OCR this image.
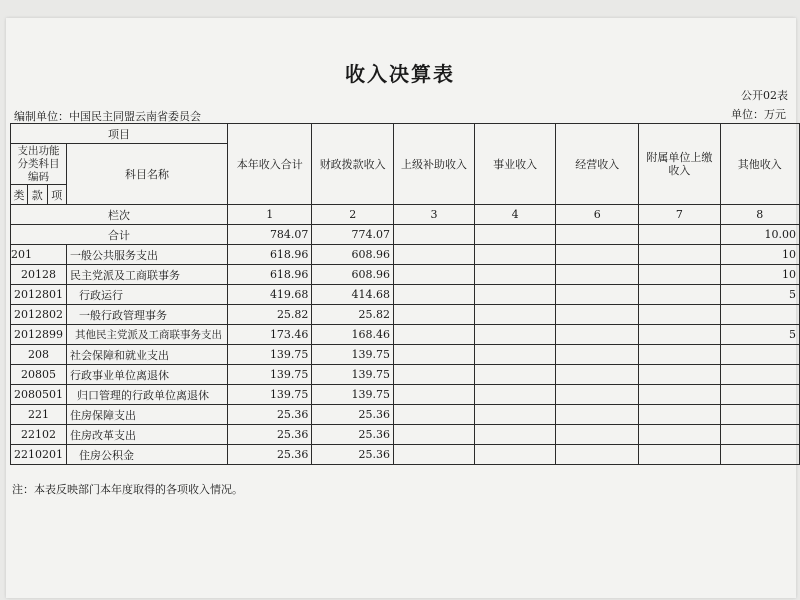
收入决算表
公开02表
编制单位：中国民主同盟云南省委员会	单位：万元
项目				本年收入合计	财政拨款收入	上级补助收入	事业收入	经营收入	附属单位上缴收入	其他收入
支出功能分类科目编码			科目名称							
类	款	项								
栏次				1	2	3	4	6	7	8
合计				784.07	774.07					10.00
201			一般公共服务支出	618.96	608.96					10
20128			民主党派及工商联事务	618.96	608.96					10
2012801			行政运行	419.68	414.68					5
2012802			一般行政管理事务	25.82	25.82					
2012899			其他民主党派及工商联事务支出	173.46	168.46					5
208			社会保障和就业支出	139.75	139.75					
20805			行政事业单位离退休	139.75	139.75					
2080501			归口管理的行政单位离退休	139.75	139.75					
221			住房保障支出	25.36	25.36					
22102			住房改革支出	25.36	25.36					
2210201			住房公积金	25.36	25.36					
注：本表反映部门本年度取得的各项收入情况。
